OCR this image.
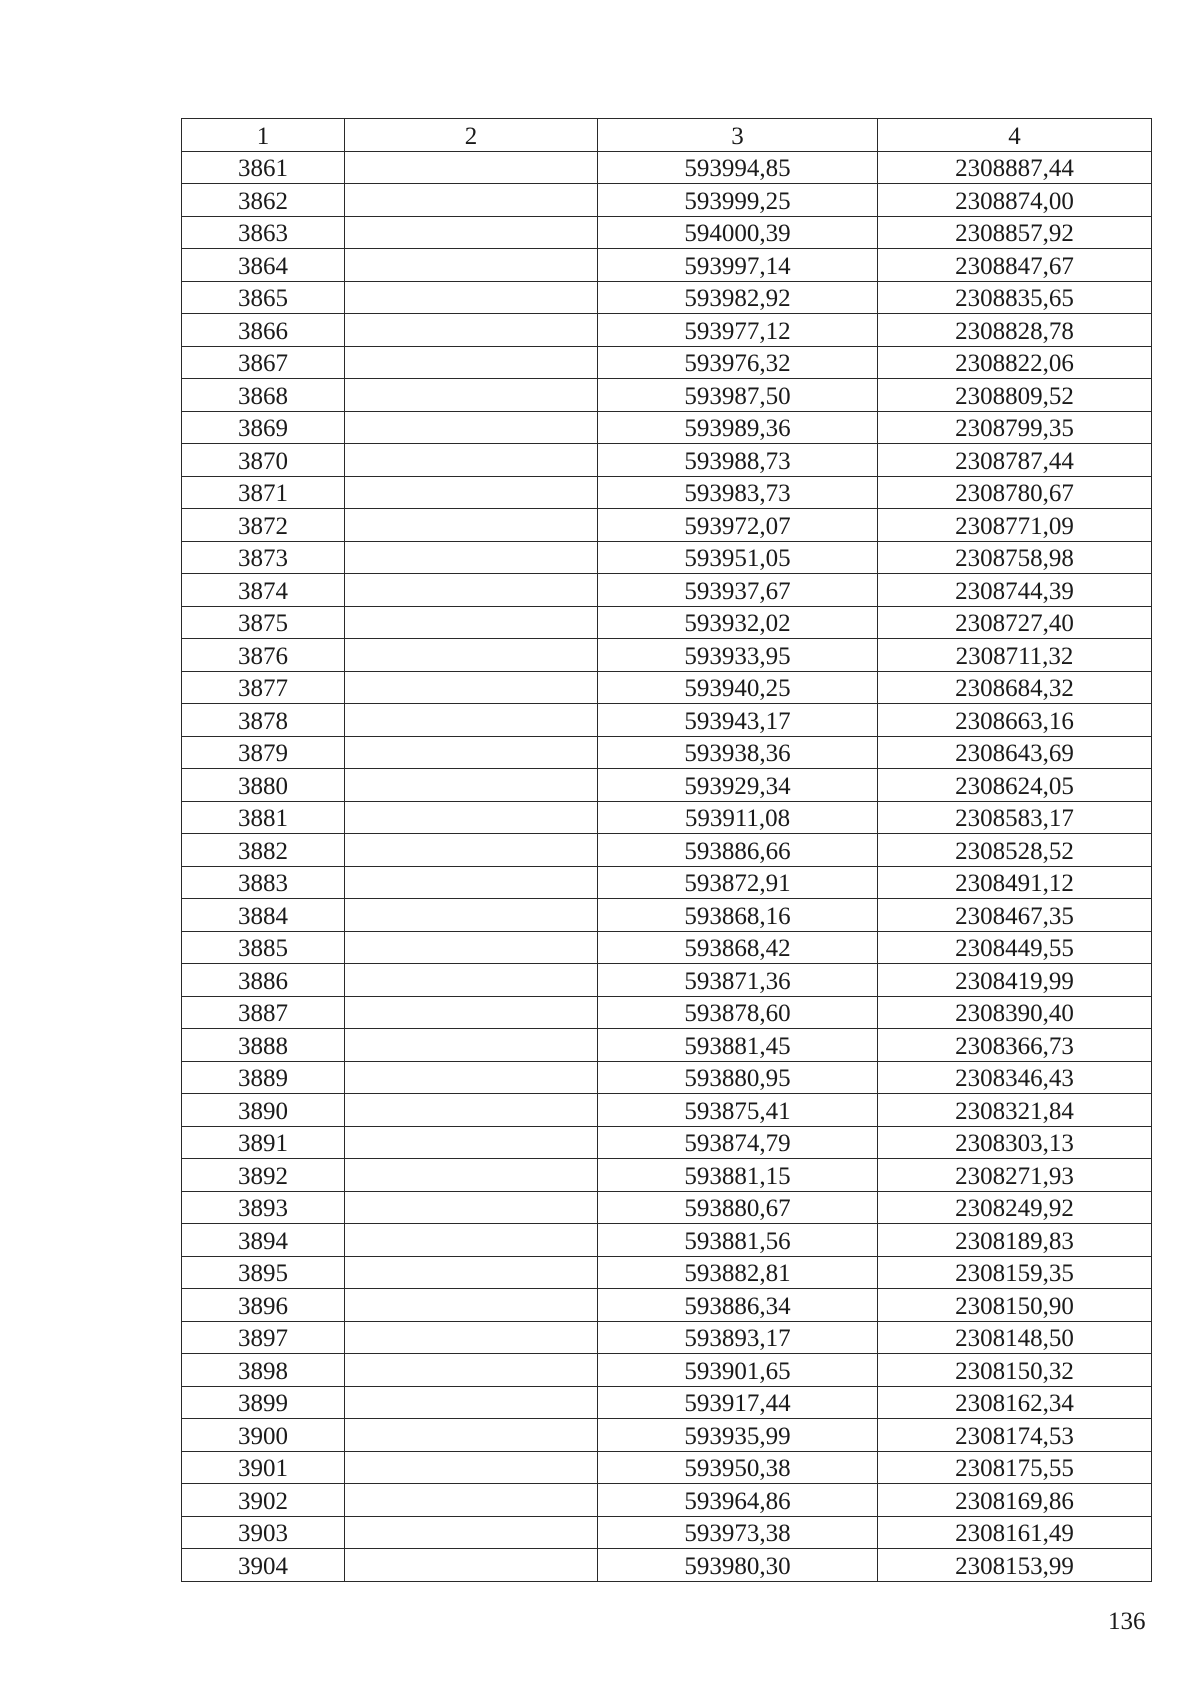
1	2	3	4
3861		593994,85	2308887,44
3862		593999,25	2308874,00
3863		594000,39	2308857,92
3864		593997,14	2308847,67
3865		593982,92	2308835,65
3866		593977,12	2308828,78
3867		593976,32	2308822,06
3868		593987,50	2308809,52
3869		593989,36	2308799,35
3870		593988,73	2308787,44
3871		593983,73	2308780,67
3872		593972,07	2308771,09
3873		593951,05	2308758,98
3874		593937,67	2308744,39
3875		593932,02	2308727,40
3876		593933,95	2308711,32
3877		593940,25	2308684,32
3878		593943,17	2308663,16
3879		593938,36	2308643,69
3880		593929,34	2308624,05
3881		593911,08	2308583,17
3882		593886,66	2308528,52
3883		593872,91	2308491,12
3884		593868,16	2308467,35
3885		593868,42	2308449,55
3886		593871,36	2308419,99
3887		593878,60	2308390,40
3888		593881,45	2308366,73
3889		593880,95	2308346,43
3890		593875,41	2308321,84
3891		593874,79	2308303,13
3892		593881,15	2308271,93
3893		593880,67	2308249,92
3894		593881,56	2308189,83
3895		593882,81	2308159,35
3896		593886,34	2308150,90
3897		593893,17	2308148,50
3898		593901,65	2308150,32
3899		593917,44	2308162,34
3900		593935,99	2308174,53
3901		593950,38	2308175,55
3902		593964,86	2308169,86
3903		593973,38	2308161,49
3904		593980,30	2308153,99
136
